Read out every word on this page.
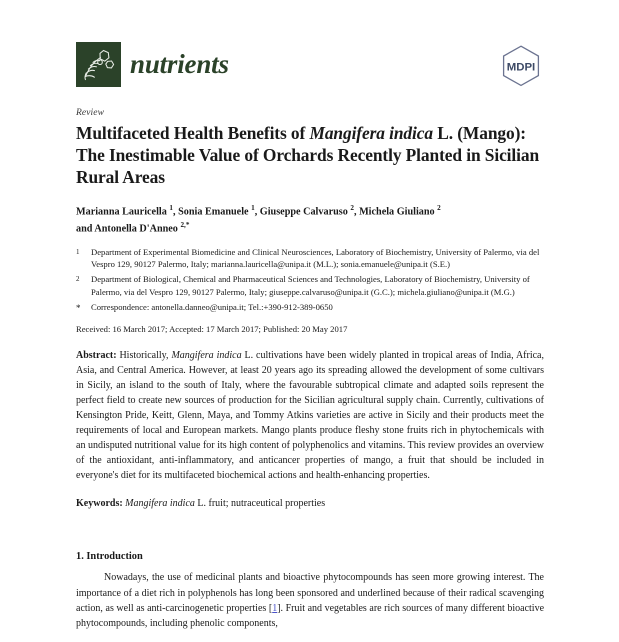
nutrients	MDPI
Review
Multifaceted Health Benefits of Mangifera indica L. (Mango): The Inestimable Value of Orchards Recently Planted in Sicilian Rural Areas
Marianna Lauricella $^1$, Sonia Emanuele $^1$, Giuseppe Calvaruso $^2$, Michela Giuliano $^2$
and Antonella D'Anneo $^{2,*}$
1	Department of Experimental Biomedicine and Clinical Neurosciences, Laboratory of Biochemistry, University of Palermo, via del Vespro 129, 90127 Palermo, Italy; marianna.lauricella@unipa.it (M.L.); sonia.emanuele@unipa.it (S.E.)
2	Department of Biological, Chemical and Pharmaceutical Sciences and Technologies, Laboratory of Biochemistry, University of Palermo, via del Vespro 129, 90127 Palermo, Italy; giuseppe.calvaruso@unipa.it (G.C.); michela.giuliano@unipa.it (M.G.)
*	Correspondence: antonella.danneo@unipa.it; Tel.:+390-912-389-0650
Received: 16 March 2017; Accepted: 17 March 2017; Published: 20 May 2017
Abstract: Historically, Mangifera indica L. cultivations have been widely planted in tropical areas of India, Africa, Asia, and Central America. However, at least 20 years ago its spreading allowed the development of some cultivars in Sicily, an island to the south of Italy, where the favourable subtropical climate and adapted soils represent the perfect field to create new sources of production for the Sicilian agricultural supply chain. Currently, cultivations of Kensington Pride, Keitt, Glenn, Maya, and Tommy Atkins varieties are active in Sicily and their products meet the requirements of local and European markets. Mango plants produce fleshy stone fruits rich in phytochemicals with an undisputed nutritional value for its high content of polyphenolics and vitamins. This review provides an overview of the antioxidant, anti-inflammatory, and anticancer properties of mango, a fruit that should be included in everyone's diet for its multifaceted biochemical actions and health-enhancing properties.
Keywords: Mangifera indica L. fruit; nutraceutical properties
1. Introduction

Nowadays, the use of medicinal plants and bioactive phytocompounds has seen more growing interest. The importance of a diet rich in polyphenols has long been sponsored and underlined because of their radical scavenging action, as well as anti-carcinogenetic properties [1]. Fruit and vegetables are rich sources of many different bioactive phytocompounds, including phenolic components,
